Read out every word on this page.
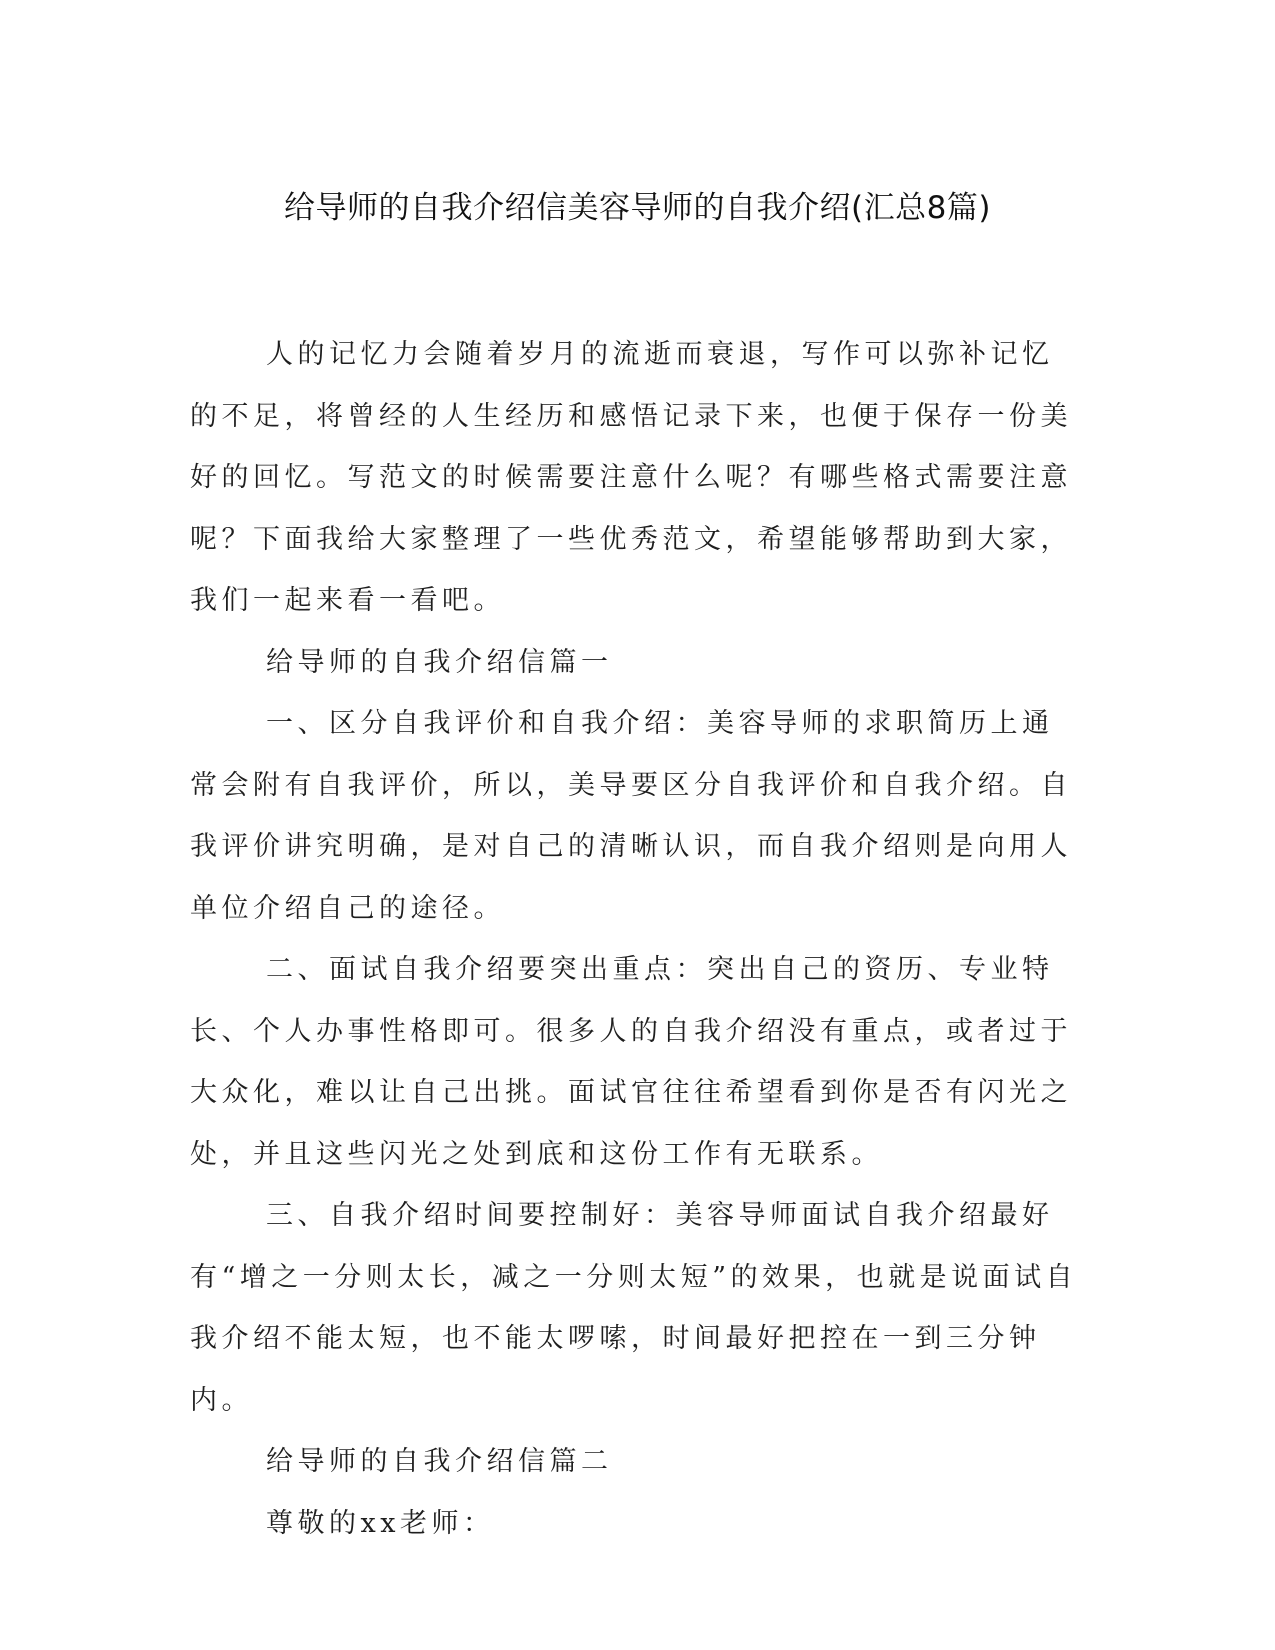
给导师的自我介绍信美容导师的自我介绍(汇总8篇)

人的记忆力会随着岁月的流逝而衰退，写作可以弥补记忆的不足，将曾经的人生经历和感悟记录下来，也便于保存一份美好的回忆。写范文的时候需要注意什么呢？有哪些格式需要注意呢？下面我给大家整理了一些优秀范文，希望能够帮助到大家，我们一起来看一看吧。

给导师的自我介绍信篇一

一、区分自我评价和自我介绍：美容导师的求职简历上通常会附有自我评价，所以，美导要区分自我评价和自我介绍。自我评价讲究明确，是对自己的清晰认识，而自我介绍则是向用人单位介绍自己的途径。

二、面试自我介绍要突出重点：突出自己的资历、专业特长、个人办事性格即可。很多人的自我介绍没有重点，或者过于大众化，难以让自己出挑。面试官往往希望看到你是否有闪光之处，并且这些闪光之处到底和这份工作有无联系。

三、自我介绍时间要控制好：美容导师面试自我介绍最好有“增之一分则太长，减之一分则太短”的效果，也就是说面试自我介绍不能太短，也不能太啰嗦，时间最好把控在一到三分钟内。

给导师的自我介绍信篇二

尊敬的xx老师：
